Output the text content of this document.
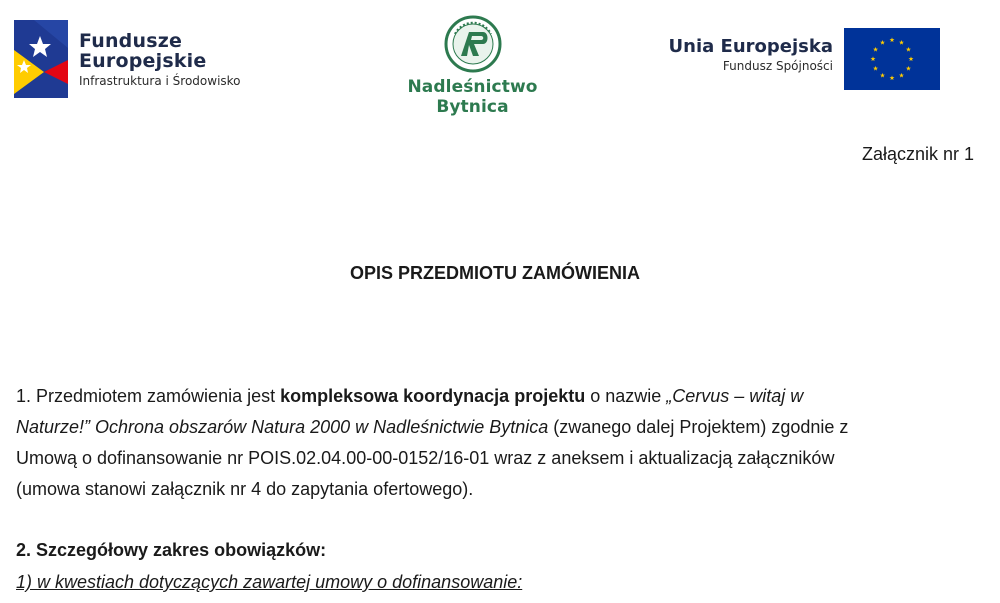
Fundusze
Europejskie
Infrastruktura i Środowisko	Nadleśnictwo Bytnica
Unia Europejska
Fundusz Spójności
Załącznik nr 1
OPIS PRZEDMIOTU ZAMÓWIENIA
1. Przedmiotem zamówienia jest kompleksowa koordynacja projektu o nazwie „Cervus – witaj w
Naturze!” Ochrona obszarów Natura 2000 w Nadleśnictwie Bytnica (zwanego dalej Projektem) zgodnie z
Umową o dofinansowanie nr POIS.02.04.00-00-0152/16-01 wraz z aneksem i aktualizacją załączników
(umowa stanowi załącznik nr 4 do zapytania ofertowego).
2. Szczegółowy zakres obowiązków:
1) w kwestiach dotyczących zawartej umowy o dofinansowanie:
